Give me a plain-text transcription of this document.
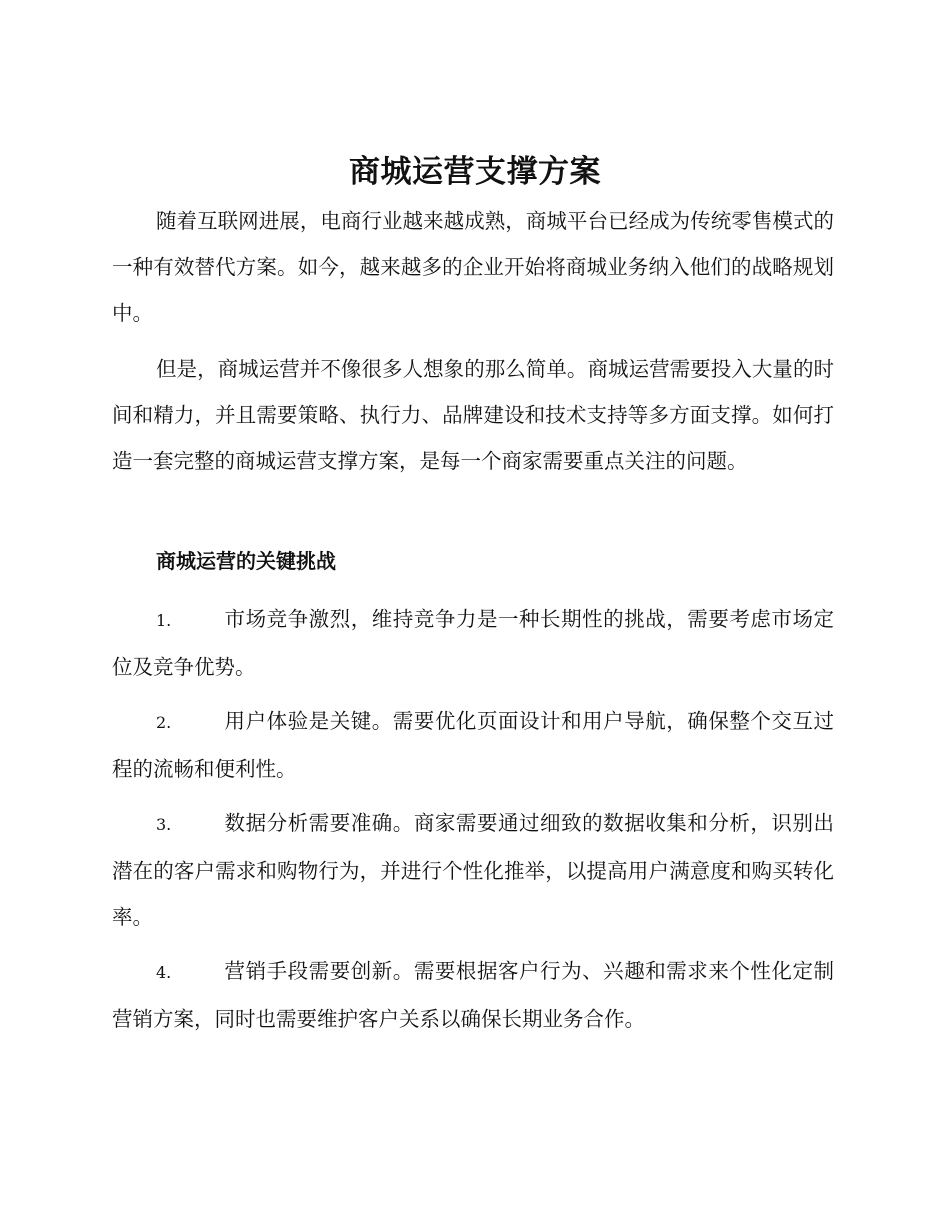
商城运营支撑方案

随着互联网进展，电商行业越来越成熟，商城平台已经成为传统零售模式的一种有效替代方案。如今，越来越多的企业开始将商城业务纳入他们的战略规划中。

但是，商城运营并不像很多人想象的那么简单。商城运营需要投入大量的时间和精力，并且需要策略、执行力、品牌建设和技术支持等多方面支撑。如何打造一套完整的商城运营支撑方案，是每一个商家需要重点关注的问题。

商城运营的关键挑战

1.	市场竞争激烈，维持竞争力是一种长期性的挑战，需要考虑市场定位及竞争优势。

2.	用户体验是关键。需要优化页面设计和用户导航，确保整个交互过程的流畅和便利性。

3.	数据分析需要准确。商家需要通过细致的数据收集和分析，识别出潜在的客户需求和购物行为，并进行个性化推举，以提高用户满意度和购买转化率。

4.	营销手段需要创新。需要根据客户行为、兴趣和需求来个性化定制营销方案，同时也需要维护客户关系以确保长期业务合作。
